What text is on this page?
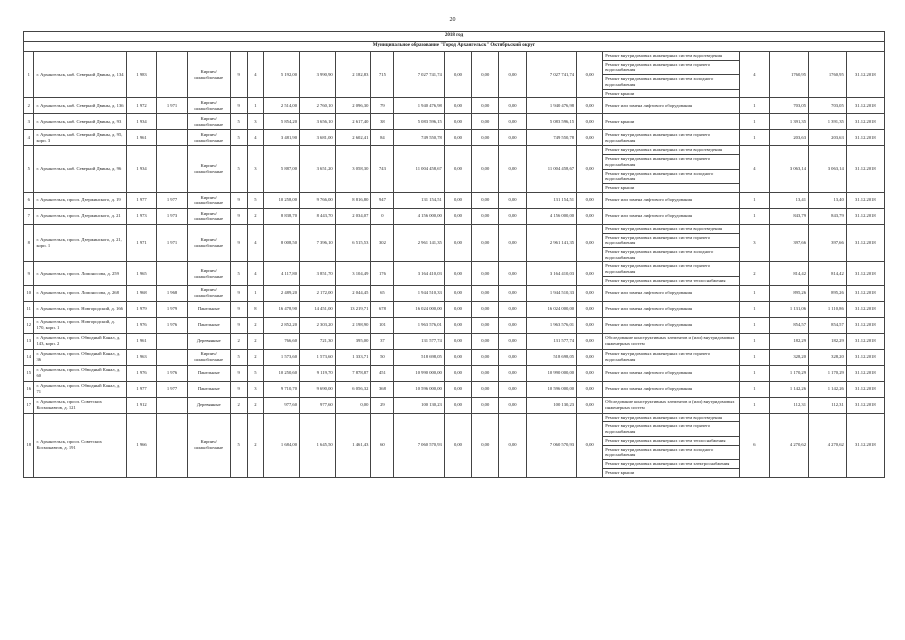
20
2018 год																					
Муниципальное образование "Город Архангельск" Октябрьский округ																					
1	г. Архангельск, наб. Северной Двины, д. 134	1 983		Кирпич/ шлакоблочные	9	4	5 192,00	3 990,90	2 182,83	715	7 027 741,74	0,00	0,00	0,00	7 027 741,74	0,00	Ремонт внутридомовых инженерных систем водоотведения	4	1760,95	1760,95	31.12.2018
																	Ремонт внутридомовых инженерных систем горячего водоснабжения				
																	Ремонт внутридомовых инженерных систем холодного водоснабжения				
																	Ремонт крыши				
2	г. Архангельск, наб. Северной Двины, д. 136	1 972	1 971	Кирпич/ шлакоблочные	9	1	2 514,00	2 760,10	2 096,30	79	1 940 476,98	0,00	0,00	0,00	1 940 476,98	0,00	Ремонт или замена лифтового оборудования	1	703,05	703,05	31.12.2018
3	г. Архангельск, наб. Северной Двины, д. 93	1 934		Кирпич/ шлакоблочные	5	3	5 854,20	3 656,10	2 617,40	38	5 083 596,15	0,00	0,00	0,00	5 083 596,15	0,00	Ремонт крыши	1	1 391,35	1 391,35	31.12.2018
4	г. Архангельск, наб. Северной Двины, д. 95, корп. 3	1 961		Кирпич/ шлакоблочные	5	4	3 481,90	3 681,00	2 602,41	84	749 550,78	0,00	0,00	0,00	749 550,78	0,00	Ремонт внутридомовых инженерных систем горячего водоснабжения	1	203,63	203,63	31.12.2018
5	г. Архангельск, наб. Северной Двины, д. 96	1 934		Кирпич/ шлакоблочные	5	3	5 887,00	3 651,20	3 058,30	743	11 004 458,67	0,00	0,00	0,00	11 004 458,67	0,00	Ремонт внутридомовых инженерных систем водоотведения	4	3 063,14	3 063,14	31.12.2018
																	Ремонт внутридомовых инженерных систем горячего водоснабжения				
																	Ремонт внутридомовых инженерных систем холодного водоснабжения				
																	Ремонт крыши				
6	г. Архангельск, просп. Дзержинского, д. 19	1 977	1 977	Кирпич/ шлакоблочные	9	5	10 258,00	9 766,00	8 816,80	947	131 154,51	0,00	0,00	0,00	131 154,51	0,00	Ремонт или замена лифтового оборудования	1	13,41	13,40	31.12.2018
7	г. Архангельск, просп. Дзержинского, д. 21	1 973	1 973	Кирпич/ шлакоблочные	9	2	8 838,70	8 443,70	2 034,07	0	4 156 000,00	0,00	0,00	0,00	4 156 000,00	0,00	Ремонт или замена лифтового оборудования	1	843,79	843,79	31.12.2018
8	г. Архангельск, просп. Дзержинского, д. 21, корп. 1	1 971	1 971	Кирпич/ шлакоблочные	9	4	8 008,50	7 396,10	6 515,53	302	2 961 141,35	0,00	0,00	0,00	2 961 141,35	0,00	Ремонт внутридомовых инженерных систем водоотведения	3	397,66	397,66	31.12.2018
																	Ремонт внутридомовых инженерных систем горячего водоснабжения				
																	Ремонт внутридомовых инженерных систем холодного водоснабжения				
9	г. Архангельск, просп. Ломоносова, д. 259	1 965		Кирпич/ шлакоблочные	5	4	4 117,80	3 851,70	3 104,49	176	3 164 410,03	0,00	0,00	0,00	3 164 410,03	0,00	Ремонт внутридомовых инженерных систем горячего водоснабжения	2	814,42	814,42	31.12.2018
																	Ремонт внутридомовых инженерных систем теплоснабжения				
10	г. Архангельск, просп. Ломоносова, д. 268	1 968	1 968	Кирпич/ шлакоблочные	9	1	2 489,20	2 172,00	2 044,45	65	1 944 510,33	0,00	0,00	0,00	1 944 510,33	0,00	Ремонт или замена лифтового оборудования	1	895,26	895,26	31.12.2018
11	г. Архангельск, просп. Новгородский, д. 166	1 979	1 979	Панельные	9	8	16 478,90	14 451,00	13 219,71	678	16 024 000,00	0,00	0,00	0,00	16 024 000,00	0,00	Ремонт или замена лифтового оборудования	1	1 131,06	1 110,86	31.12.2018
12	г. Архангельск, просп. Новгородский, д. 170, корп. 1	1 976	1 976	Панельные	9	2	2 852,20	2 303,20	2 198,90	101	1 963 576,01	0,00	0,00	0,00	1 963 576,01	0,00	Ремонт или замена лифтового оборудования	1	854,57	854,57	31.12.2018
13	г. Архангельск, просп. Обводный Канал, д. 143, корп. 2	1 961		Деревянные	2	2	766,60	721,30	395,00	37	131 577,74	0,00	0,00	0,00	131 577,74	0,00	Обследование конструктивных элементов и (или) внутридомовых инженерных систем	1	182,29	182,29	31.12.2018
14	г. Архангельск, просп. Обводный Канал, д. 36	1 963		Кирпич/ шлакоблочные	5	2	1 573,60	1 573,60	1 333,71	50	518 698,05	0,00	0,00	0,00	518 698,05	0,00	Ремонт внутридомовых инженерных систем горячего водоснабжения	1	328,20	328,20	31.12.2018
15	г. Архангельск, просп. Обводный Канал, д. 60	1 976	1 976	Панельные	9	5	10 250,60	9 119,70	7 878,87	451	10 990 000,00	0,00	0,00	0,00	10 990 000,00	0,00	Ремонт или замена лифтового оборудования	1	1 170,29	1 170,29	31.12.2018
16	г. Архангельск, просп. Обводный Канал, д. 71	1 977	1 977	Панельные	9	3	9 710,70	9 690,00	6 056,32	368	10 596 000,00	0,00	0,00	0,00	10 596 000,00	0,00	Ремонт или замена лифтового оборудования	1	1 142,26	1 142,26	31.12.2018
17	г. Архангельск, просп. Советских Космонавтов, д. 121	1 912		Деревянные	2	2	977,60	977,60	0,00	29	100 130,23	0,00	0,00	0,00	100 130,23	0,00	Обследование конструктивных элементов и (или) внутридомовых инженерных систем	1	112,31	112,31	31.12.2018
18	г. Архангельск, просп. Советских Космонавтов, д. 191	1 966		Кирпич/ шлакоблочные	5	2	1 684,00	1 645,50	1 461,43	60	7 060 570,93	0,00	0,00	0,00	7 060 570,93	0,00	Ремонт внутридомовых инженерных систем водоотведения	6	4 270,62	4 270,62	31.12.2018
																	Ремонт внутридомовых инженерных систем горячего водоснабжения				
																	Ремонт внутридомовых инженерных систем теплоснабжения				
																	Ремонт внутридомовых инженерных систем холодного водоснабжения				
																	Ремонт внутридомовых инженерных систем электроснабжения				
																	Ремонт крыши				
